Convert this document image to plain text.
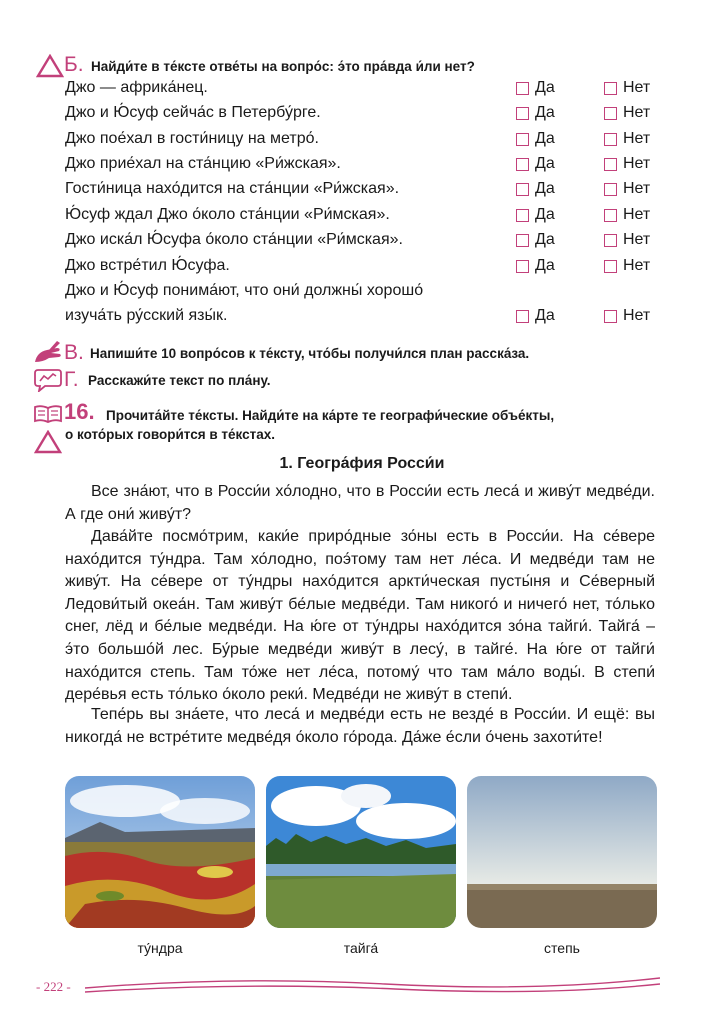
Б. Найди́те в те́ксте отве́ты на вопро́с: э́то пра́вда и́ли нет?
Джо — африка́нец.	Да	Нет
Джо и Ю́суф сейча́с в Петербу́рге.	Да	Нет
Джо пое́хал в гости́ницу на метро́.	Да	Нет
Джо прие́хал на ста́нцию «Ри́жская».	Да	Нет
Гости́ница нахо́дится на ста́нции «Ри́жская».	Да	Нет
Ю́суф ждал Джо о́коло ста́нции «Ри́мская».	Да	Нет
Джо иска́л Ю́суфа о́коло ста́нции «Ри́мская».	Да	Нет
Джо встре́тил Ю́суфа.	Да	Нет
Джо и Ю́суф понима́ют, что они́ должны́ хорошо́
изуча́ть ру́сский язы́к.	Да	Нет
В. Напиши́те 10 вопро́сов к те́ксту, что́бы получи́лся план расска́за.
Г. Расскажи́те текст по пла́ну.
16. Прочита́йте те́ксты. Найди́те на ка́рте те географи́ческие объе́кты,
о кото́рых говори́тся в те́кстах.
1. Геогра́фия Росси́и
Все зна́ют, что в Росси́и хо́лодно, что в Росси́и есть леса́ и живу́т медве́ди. А где они́ живу́т?
Дава́йте посмо́трим, каки́е приро́дные зо́ны есть в Росси́и. На се́вере нахо́дится ту́ндра. Там хо́лодно, поэ́тому там нет ле́са. И медве́ди там не живу́т. На се́вере от ту́ндры нахо́дится аркти́ческая пусты́ня и Се́верный Ледови́тый океа́н. Там живу́т бе́лые медве́ди. Там никого́ и ничего́ нет, то́лько снег, лёд и бе́лые медве́ди. На ю́ге от ту́ндры нахо́дится зо́на тайги́. Тайга́ – э́то большо́й лес. Бу́рые медве́ди живу́т в лесу́, в тайге́. На ю́ге от тайги́ нахо́дится степь. Там то́же нет ле́са, потому́ что там ма́ло воды́. В степи́ дере́вья есть то́лько о́коло реки́. Медве́ди не живу́т в степи́.
Тепе́рь вы зна́ете, что леса́ и медве́ди есть не везде́ в Росси́и. И ещё: вы никогда́ не встре́тите медве́дя о́коло го́рода. Да́же е́сли о́чень захоти́те!
ту́ндра	тайга́	степь
- 222 -
